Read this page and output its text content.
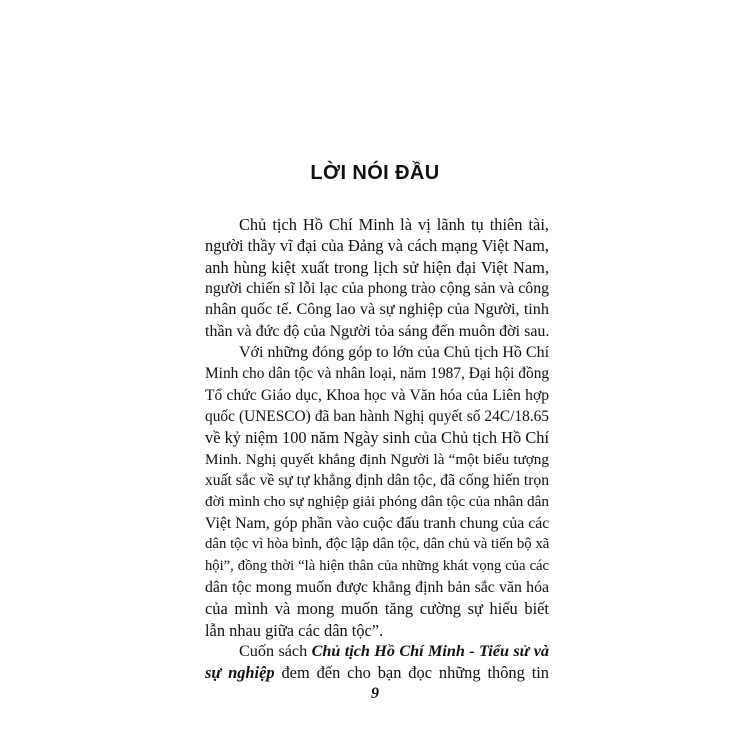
LỜI NÓI ĐẦU
Chủ tịch Hồ Chí Minh là vị lãnh tụ thiên tài,
người thầy vĩ đại của Đảng và cách mạng Việt Nam,
anh hùng kiệt xuất trong lịch sử hiện đại Việt Nam,
người chiến sĩ lỗi lạc của phong trào cộng sản và công
nhân quốc tế. Công lao và sự nghiệp của Người, tinh
thần và đức độ của Người tỏa sáng đến muôn đời sau.
Với những đóng góp to lớn của Chủ tịch Hồ Chí
Minh cho dân tộc và nhân loại, năm 1987, Đại hội đồng
Tổ chức Giáo dục, Khoa học và Văn hóa của Liên hợp
quốc (UNESCO) đã ban hành Nghị quyết số 24C/18.65
về kỷ niệm 100 năm Ngày sinh của Chủ tịch Hồ Chí
Minh. Nghị quyết khẳng định Người là “một biểu tượng
xuất sắc về sự tự khẳng định dân tộc, đã cống hiến trọn
đời mình cho sự nghiệp giải phóng dân tộc của nhân dân
Việt Nam, góp phần vào cuộc đấu tranh chung của các
dân tộc vì hòa bình, độc lập dân tộc, dân chủ và tiến bộ xã
hội”, đồng thời “là hiện thân của những khát vọng của các
dân tộc mong muốn được khẳng định bản sắc văn hóa
của mình và mong muốn tăng cường sự hiểu biết
lẫn nhau giữa các dân tộc”.
Cuốn sách Chủ tịch Hồ Chí Minh - Tiểu sử và
sự nghiệp đem đến cho bạn đọc những thông tin
9
